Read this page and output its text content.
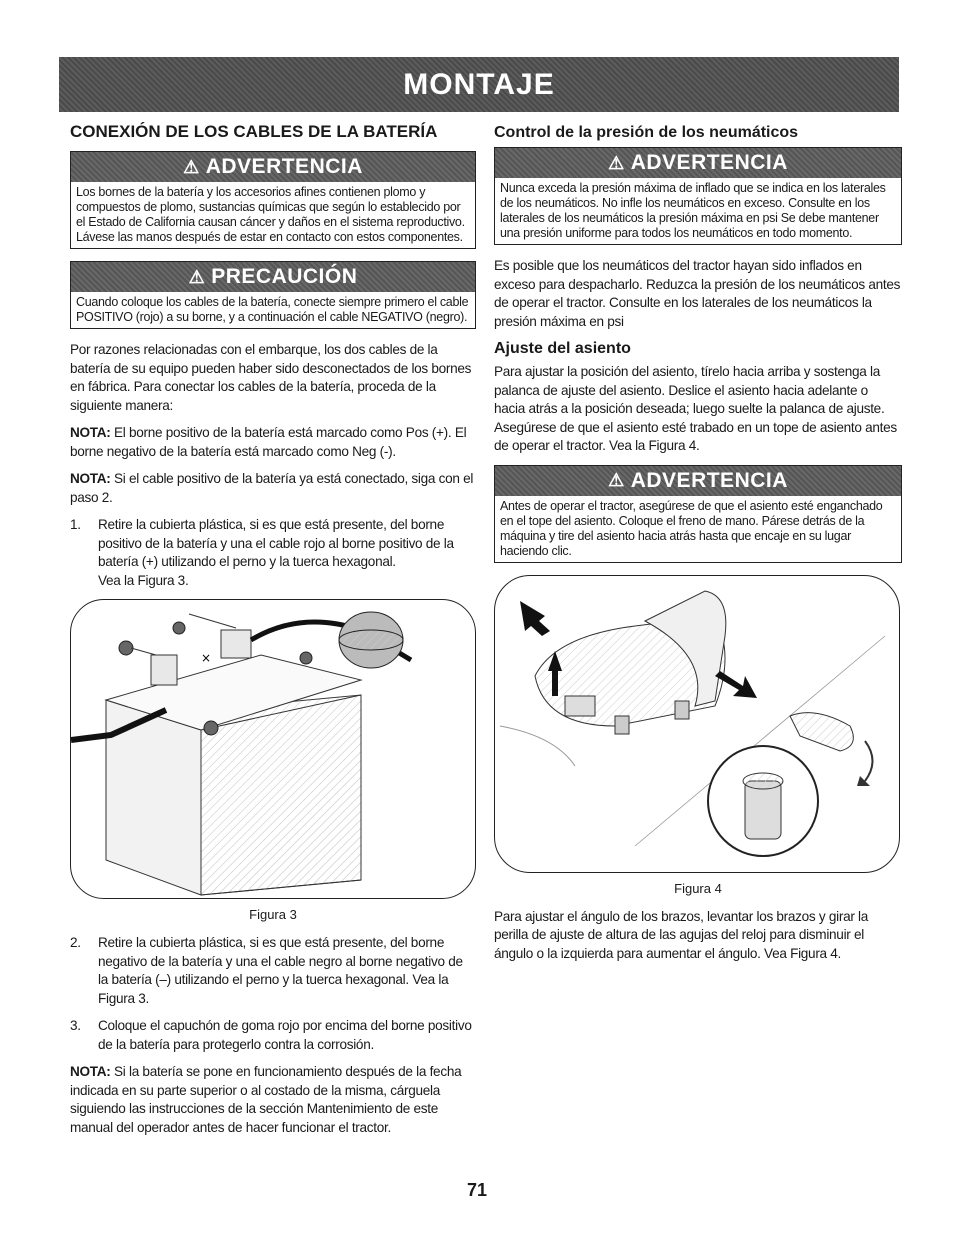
MONTAJE
CONEXIÓN DE LOS CABLES DE LA BATERÍA
⚠ ADVERTENCIA
Los bornes de la batería y los accesorios afines contienen plomo y compuestos de plomo, sustancias químicas que según lo establecido por el Estado de California causan cáncer y daños en el sistema reproductivo. Lávese las manos después de estar en contacto con estos componentes.
⚠ PRECAUCIÓN
Cuando coloque los cables de la batería, conecte siempre primero el cable POSITIVO (rojo) a su borne, y a continuación el cable NEGATIVO (negro).

Por razones relacionadas con el embarque, los dos cables de la batería de su equipo pueden haber sido desconectados de los bornes en fábrica. Para conectar los cables de la batería, proceda de la siguiente manera:

NOTA: El borne positivo de la batería está marcado como Pos (+). El borne negativo de la batería está marcado como Neg (-).

NOTA: Si el cable positivo de la batería ya está conectado, siga con el paso 2.

1.	Retire la cubierta plástica, si es que está presente, del borne positivo de la batería y una el cable rojo al borne positivo de la batería (+) utilizando el perno y la tuerca hexagonal.
Vea la Figura 3.
×
Figura 3
2.	Retire la cubierta plástica, si es que está presente, del borne negativo de la batería y una el cable negro al borne negativo de la batería (–) utilizando el perno y la tuerca hexagonal. Vea la Figura 3.
3.	Coloque el capuchón de goma rojo por encima del borne positivo de la batería para protegerlo contra la corrosión.

NOTA: Si la batería se pone en funcionamiento después de la fecha indicada en su parte superior o al costado de la misma, cárguela siguiendo las instrucciones de la sección Mantenimiento de este manual del operador antes de hacer funcionar el tractor.

Control de la presión de los neumáticos
⚠ ADVERTENCIA
Nunca exceda la presión máxima de inflado que se indica en los laterales de los neumáticos. No infle los neumáticos en exceso. Consulte en los laterales de los neumáticos la presión máxima en psi Se debe mantener una presión uniforme para todos los neumáticos en todo momento.

Es posible que los neumáticos del tractor hayan sido inflados en exceso para despacharlo. Reduzca la presión de los neumáticos antes de operar el tractor. Consulte en los laterales de los neumáticos la presión máxima en psi

Ajuste del asiento

Para ajustar la posición del asiento, tírelo hacia arriba y sostenga la palanca de ajuste del asiento. Deslice el asiento hacia adelante o hacia atrás a la posición deseada; luego suelte la palanca de ajuste. Asegúrese de que el asiento esté trabado en un tope de asiento antes de operar el tractor. Vea la Figura 4.

⚠ ADVERTENCIA
Antes de operar el tractor, asegúrese de que el asiento esté enganchado en el tope del asiento. Coloque el freno de mano. Párese detrás de la máquina y tire del asiento hacia atrás hasta que encaje en su lugar haciendo clic.
Figura 4

Para ajustar el ángulo de los brazos, levantar los brazos y girar la perilla de ajuste de altura de las agujas del reloj para disminuir el ángulo o la izquierda para aumentar el ángulo. Vea Figura 4.

71
